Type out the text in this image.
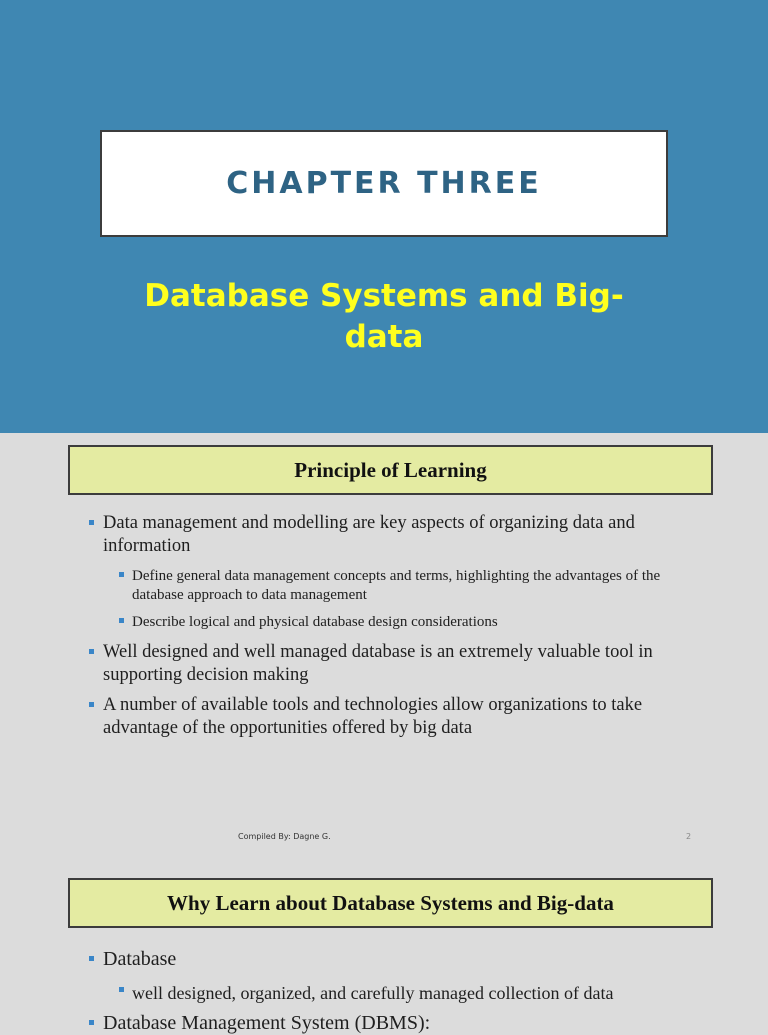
CHAPTER THREE
Database Systems and Big-
data
Principle of Learning
Data management and modelling are key aspects of organizing data and information
Define general data management concepts and terms, highlighting the advantages of the database approach to data management
Describe logical and physical database design considerations
Well designed and well managed database is an extremely valuable tool in supporting decision making
A number of available tools and technologies allow organizations to take advantage of the opportunities offered by big data
Compiled By: Dagne G.	2
Why Learn about Database Systems and Big-data
Database
well designed, organized, and carefully managed collection of data
Database Management System (DBMS):
